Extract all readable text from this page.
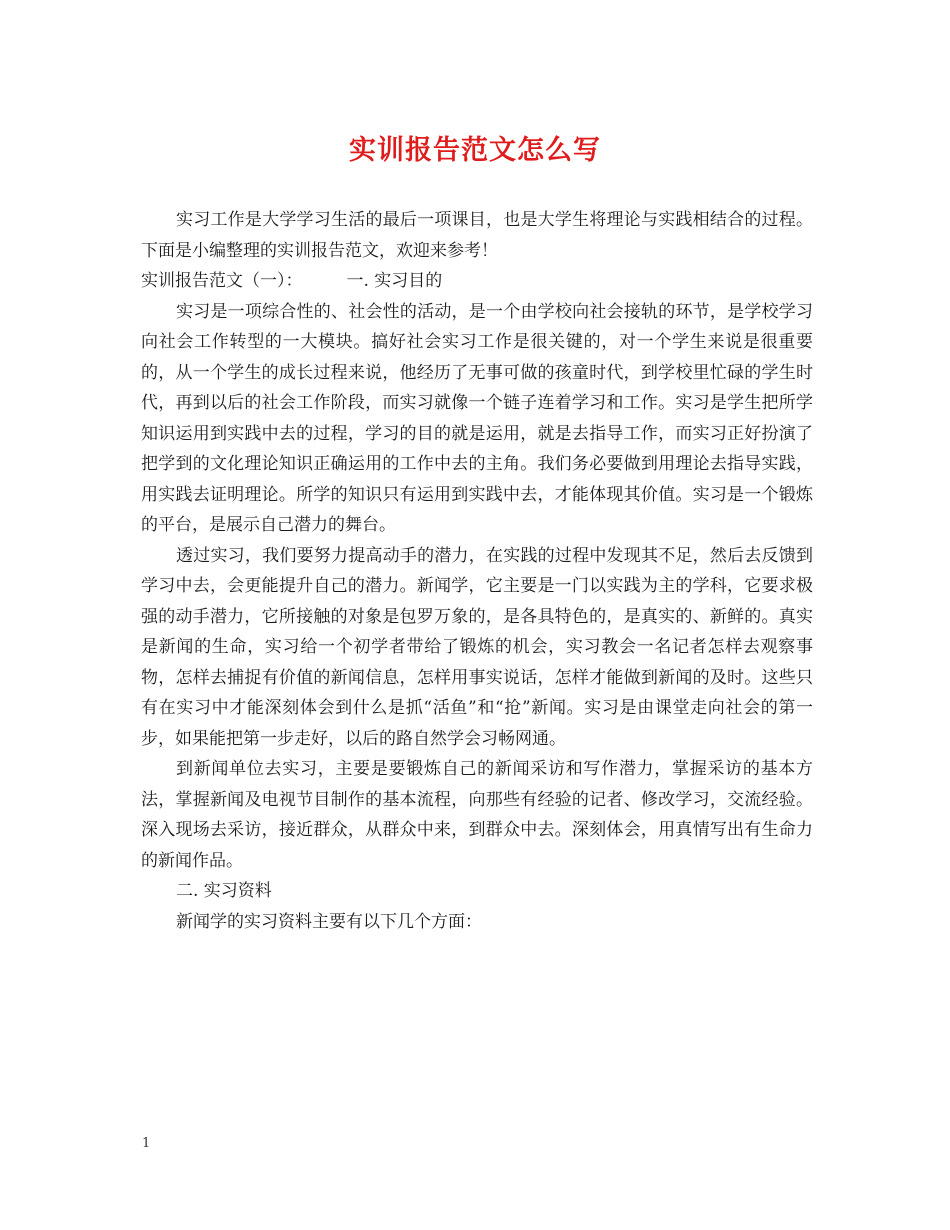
实训报告范文怎么写

实习工作是大学学习生活的最后一项课目，也是大学生将理论与实践相结合的过程。下面是小编整理的实训报告范文，欢迎来参考！

实训报告范文（一）：	一. 实习目的

实习是一项综合性的、社会性的活动，是一个由学校向社会接轨的环节，是学校学习向社会工作转型的一大模块。搞好社会实习工作是很关键的，对一个学生来说是很重要的，从一个学生的成长过程来说，他经历了无事可做的孩童时代，到学校里忙碌的学生时代，再到以后的社会工作阶段，而实习就像一个链子连着学习和工作。实习是学生把所学知识运用到实践中去的过程，学习的目的就是运用，就是去指导工作，而实习正好扮演了把学到的文化理论知识正确运用的工作中去的主角。我们务必要做到用理论去指导实践，用实践去证明理论。所学的知识只有运用到实践中去，才能体现其价值。实习是一个锻炼的平台，是展示自己潜力的舞台。

透过实习，我们要努力提高动手的潜力，在实践的过程中发现其不足，然后去反馈到学习中去，会更能提升自己的潜力。新闻学，它主要是一门以实践为主的学科，它要求极强的动手潜力，它所接触的对象是包罗万象的，是各具特色的，是真实的、新鲜的。真实是新闻的生命，实习给一个初学者带给了锻炼的机会，实习教会一名记者怎样去观察事物，怎样去捕捉有价值的新闻信息，怎样用事实说话，怎样才能做到新闻的及时。这些只有在实习中才能深刻体会到什么是抓“活鱼”和“抢”新闻。实习是由课堂走向社会的第一步，如果能把第一步走好，以后的路自然学会习畅网通。

到新闻单位去实习，主要是要锻炼自己的新闻采访和写作潜力，掌握采访的基本方法，掌握新闻及电视节目制作的基本流程，向那些有经验的记者、修改学习，交流经验。深入现场去采访，接近群众，从群众中来，到群众中去。深刻体会，用真情写出有生命力的新闻作品。

二. 实习资料

新闻学的实习资料主要有以下几个方面：

1
